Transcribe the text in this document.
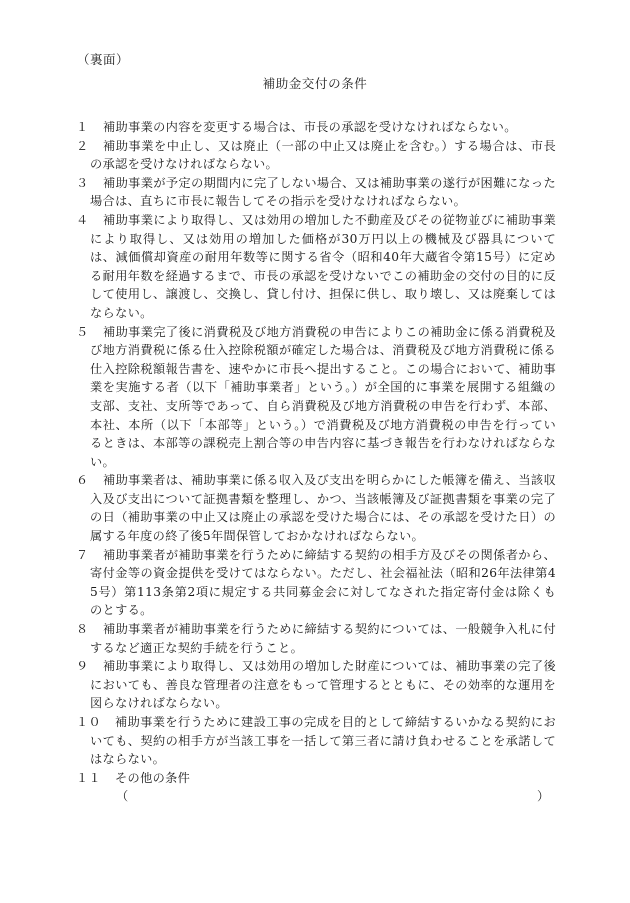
（裏面）
補助金交付の条件
１	補助事業の内容を変更する場合は、市長の承認を受けなければならない。
２	補助事業を中止し、又は廃止（一部の中止又は廃止を含む。）する場合は、市長の承認を受けなければならない。
３	補助事業が予定の期間内に完了しない場合、又は補助事業の遂行が困難になった場合は、直ちに市長に報告してその指示を受けなければならない。
４	補助事業により取得し、又は効用の増加した不動産及びその従物並びに補助事業により取得し、又は効用の増加した価格が30万円以上の機械及び器具については、減価償却資産の耐用年数等に関する省令（昭和40年大蔵省令第15号）に定める耐用年数を経過するまで、市長の承認を受けないでこの補助金の交付の目的に反して使用し、譲渡し、交換し、貸し付け、担保に供し、取り壊し、又は廃棄してはならない。
５	補助事業完了後に消費税及び地方消費税の申告によりこの補助金に係る消費税及び地方消費税に係る仕入控除税額が確定した場合は、消費税及び地方消費税に係る仕入控除税額報告書を、速やかに市長へ提出すること。この場合において、補助事業を実施する者（以下「補助事業者」という。）が全国的に事業を展開する組織の支部、支社、支所等であって、自ら消費税及び地方消費税の申告を行わず、本部、本社、本所（以下「本部等」という。）で消費税及び地方消費税の申告を行っているときは、本部等の課税売上割合等の申告内容に基づき報告を行わなければならない。
６	補助事業者は、補助事業に係る収入及び支出を明らかにした帳簿を備え、当該収入及び支出について証拠書類を整理し、かつ、当該帳簿及び証拠書類を事業の完了の日（補助事業の中止又は廃止の承認を受けた場合には、その承認を受けた日）の属する年度の終了後5年間保管しておかなければならない。
７	補助事業者が補助事業を行うために締結する契約の相手方及びその関係者から、寄付金等の資金提供を受けてはならない。ただし、社会福祉法（昭和26年法律第45号）第113条第2項に規定する共同募金会に対してなされた指定寄付金は除くものとする。
８	補助事業者が補助事業を行うために締結する契約については、一般競争入札に付するなど適正な契約手続を行うこと。
９	補助事業により取得し、又は効用の増加した財産については、補助事業の完了後においても、善良な管理者の注意をもって管理するとともに、その効率的な運用を図らなければならない。
１０	補助事業を行うために建設工事の完成を目的として締結するいかなる契約においても、契約の相手方が当該工事を一括して第三者に請け負わせることを承諾してはならない。
１１	その他の条件
（	）
